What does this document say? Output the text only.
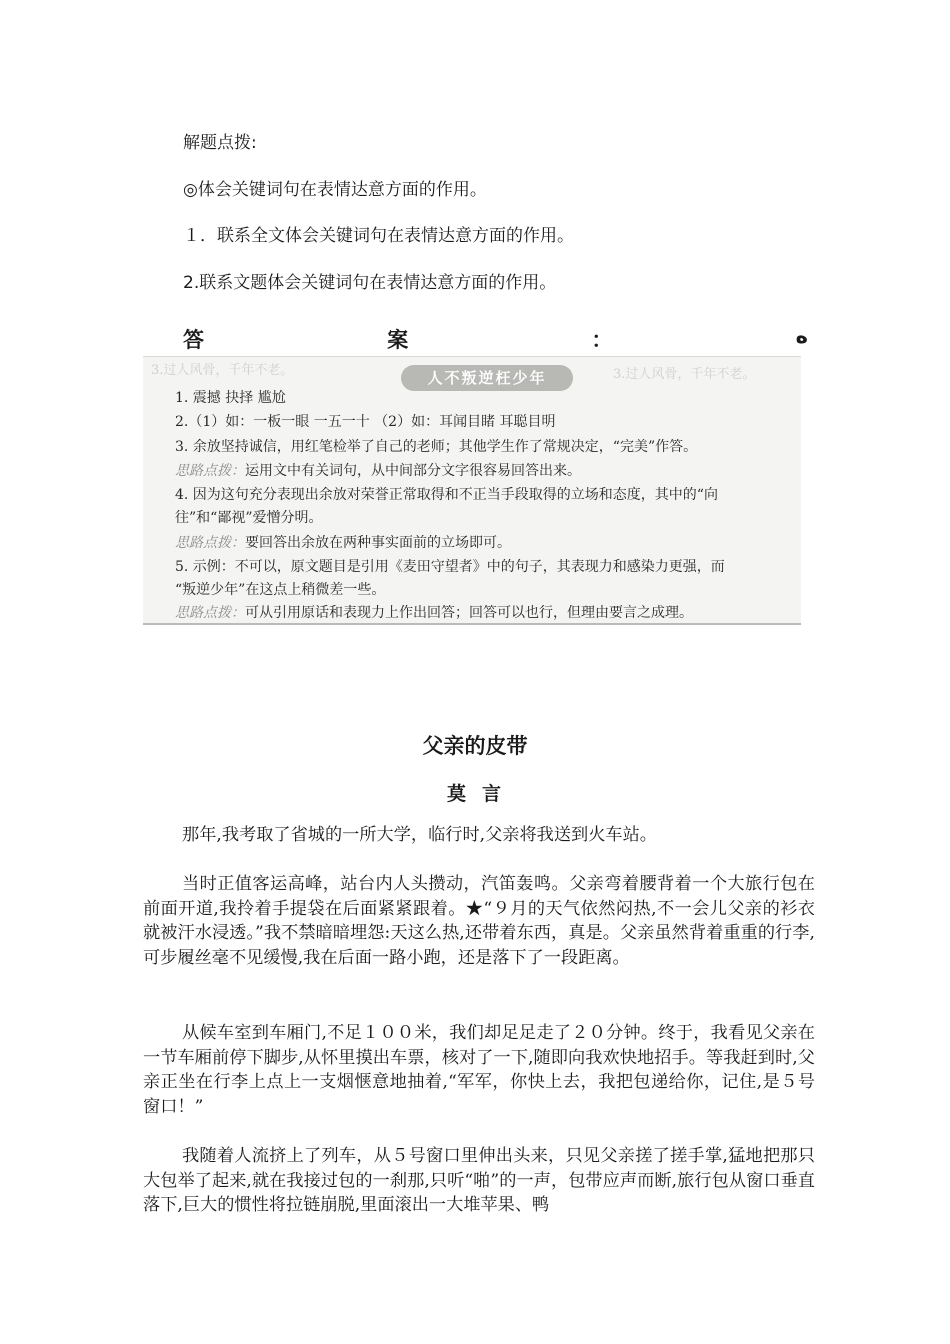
解题点拨:
◎体会关键词句在表情达意方面的作用。
１．联系全文体会关键词句在表情达意方面的作用。
2.联系文题体会关键词句在表情达意方面的作用。
答	案	：	ه
3.过人风骨，千年不老。	3.过人风骨，千年不老。
人不叛逆枉少年
1. 震撼 抉择 尴尬
2.（1）如：一板一眼 一五一十 （2）如：耳闻目睹 耳聪目明
3. 余放坚持诚信，用红笔检举了自己的老师；其他学生作了常规决定，“完美”作答。
思路点拨：运用文中有关词句，从中间部分文字很容易回答出来。
4. 因为这句充分表现出余放对荣誉正常取得和不正当手段取得的立场和态度，其中的“向
往”和“鄙视”爱憎分明。
思路点拨：要回答出余放在两种事实面前的立场即可。
5. 示例：不可以，原文题目是引用《麦田守望者》中的句子，其表现力和感染力更强，而
“叛逆少年”在这点上稍微差一些。
思路点拨：可从引用原话和表现力上作出回答；回答可以也行，但理由要言之成理。
父亲的皮带
莫 言

那年,我考取了省城的一所大学，临行时,父亲将我送到火车站。

当时正值客运高峰，站台内人头攒动，汽笛轰鸣。父亲弯着腰背着一个大旅行包在前面开道,我拎着手提袋在后面紧紧跟着。★“９月的天气依然闷热,不一会儿父亲的衫衣就被汗水浸透。”我不禁暗暗埋怨:天这么热,还带着东西，真是。父亲虽然背着重重的行李,可步履丝毫不见缓慢,我在后面一路小跑，还是落下了一段距离。

从候车室到车厢门,不足１００米，我们却足足走了２０分钟。终于，我看见父亲在一节车厢前停下脚步,从怀里摸出车票，核对了一下,随即向我欢快地招手。等我赶到时,父亲正坐在行李上点上一支烟惬意地抽着,“军军，你快上去，我把包递给你，记住,是５号窗口！”

我随着人流挤上了列车，从５号窗口里伸出头来，只见父亲搓了搓手掌,猛地把那只大包举了起来,就在我接过包的一刹那,只听“啪”的一声，包带应声而断,旅行包从窗口垂直落下,巨大的惯性将拉链崩脱,里面滚出一大堆苹果、鸭
